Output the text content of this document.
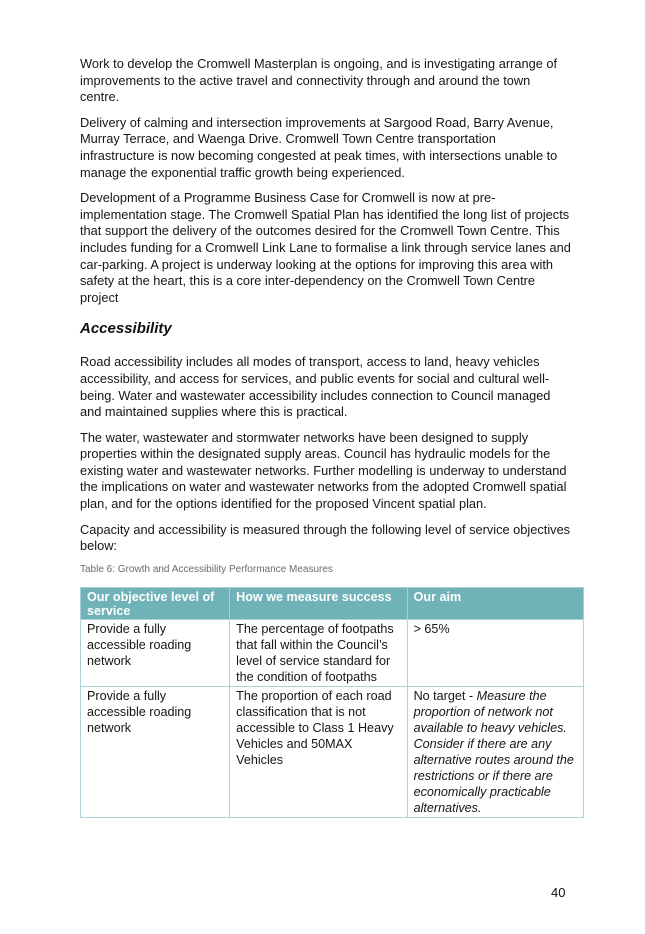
Work to develop the Cromwell Masterplan is ongoing, and is investigating arrange of improvements to the active travel and connectivity through and around the town centre.

Delivery of calming and intersection improvements at Sargood Road, Barry Avenue, Murray Terrace, and Waenga Drive. Cromwell Town Centre transportation infrastructure is now becoming congested at peak times, with intersections unable to manage the exponential traffic growth being experienced.

Development of a Programme Business Case for Cromwell is now at pre-implementation stage. The Cromwell Spatial Plan has identified the long list of projects that support the delivery of the outcomes desired for the Cromwell Town Centre. This includes funding for a Cromwell Link Lane to formalise a link through service lanes and car-parking. A project is underway looking at the options for improving this area with safety at the heart, this is a core inter-dependency on the Cromwell Town Centre project

Accessibility

Road accessibility includes all modes of transport, access to land, heavy vehicles accessibility, and access for services, and public events for social and cultural well-being. Water and wastewater accessibility includes connection to Council managed and maintained supplies where this is practical.

The water, wastewater and stormwater networks have been designed to supply properties within the designated supply areas. Council has hydraulic models for the existing water and wastewater networks. Further modelling is underway to understand the implications on water and wastewater networks from the adopted Cromwell spatial plan, and for the options identified for the proposed Vincent spatial plan.

Capacity and accessibility is measured through the following level of service objectives below:

Table 6: Growth and Accessibility Performance Measures
Our objective level of service	How we measure success	Our aim
Provide a fully accessible roading network	The percentage of footpaths that fall within the Council’s level of service standard for the condition of footpaths	> 65%
Provide a fully accessible roading network	The proportion of each road classification that is not accessible to Class 1 Heavy Vehicles and 50MAX Vehicles	No target - Measure the proportion of network not available to heavy vehicles. Consider if there are any alternative routes around the restrictions or if there are economically practicable alternatives.
40
